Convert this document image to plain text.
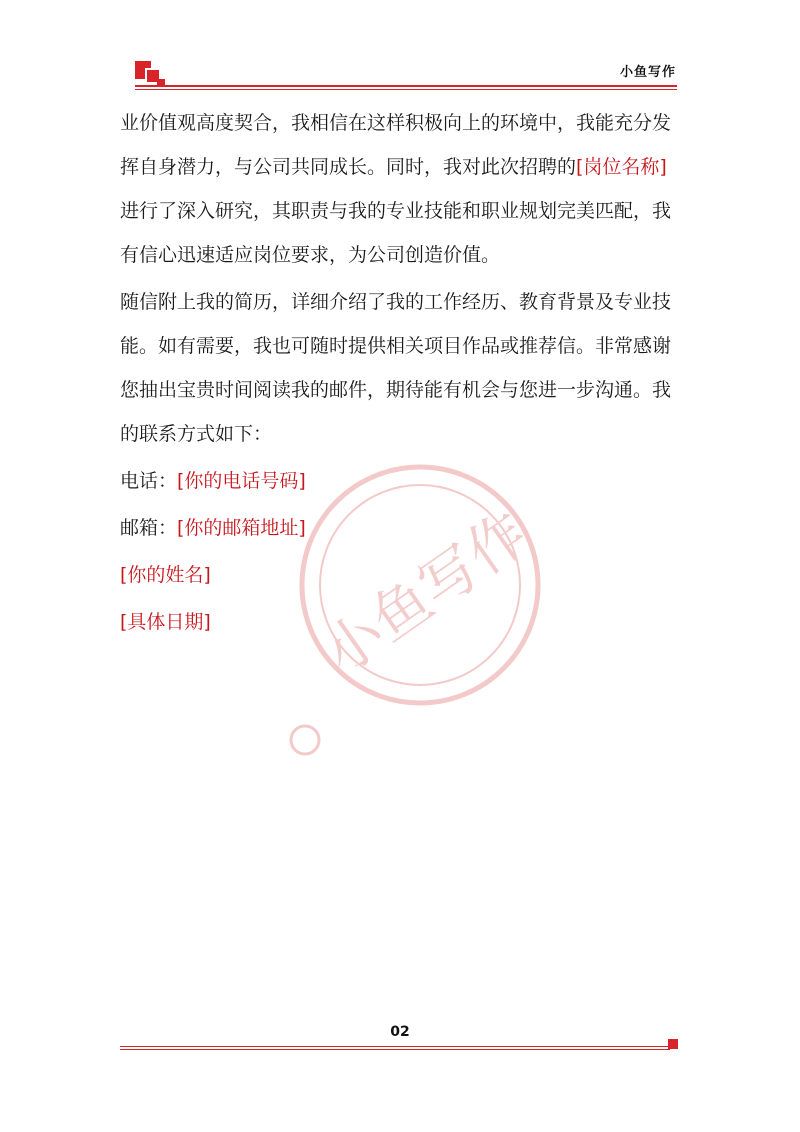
小鱼写作
小鱼写作

业价值观高度契合，我相信在这样积极向上的环境中，我能充分发挥自身潜力，与公司共同成长。同时，我对此次招聘的[岗位名称]进行了深入研究，其职责与我的专业技能和职业规划完美匹配，我有信心迅速适应岗位要求，为公司创造价值。

随信附上我的简历，详细介绍了我的工作经历、教育背景及专业技能。如有需要，我也可随时提供相关项目作品或推荐信。非常感谢您抽出宝贵时间阅读我的邮件，期待能有机会与您进一步沟通。我的联系方式如下：

电话：[你的电话号码]

邮箱：[你的邮箱地址]

[你的姓名]

[具体日期]

02
